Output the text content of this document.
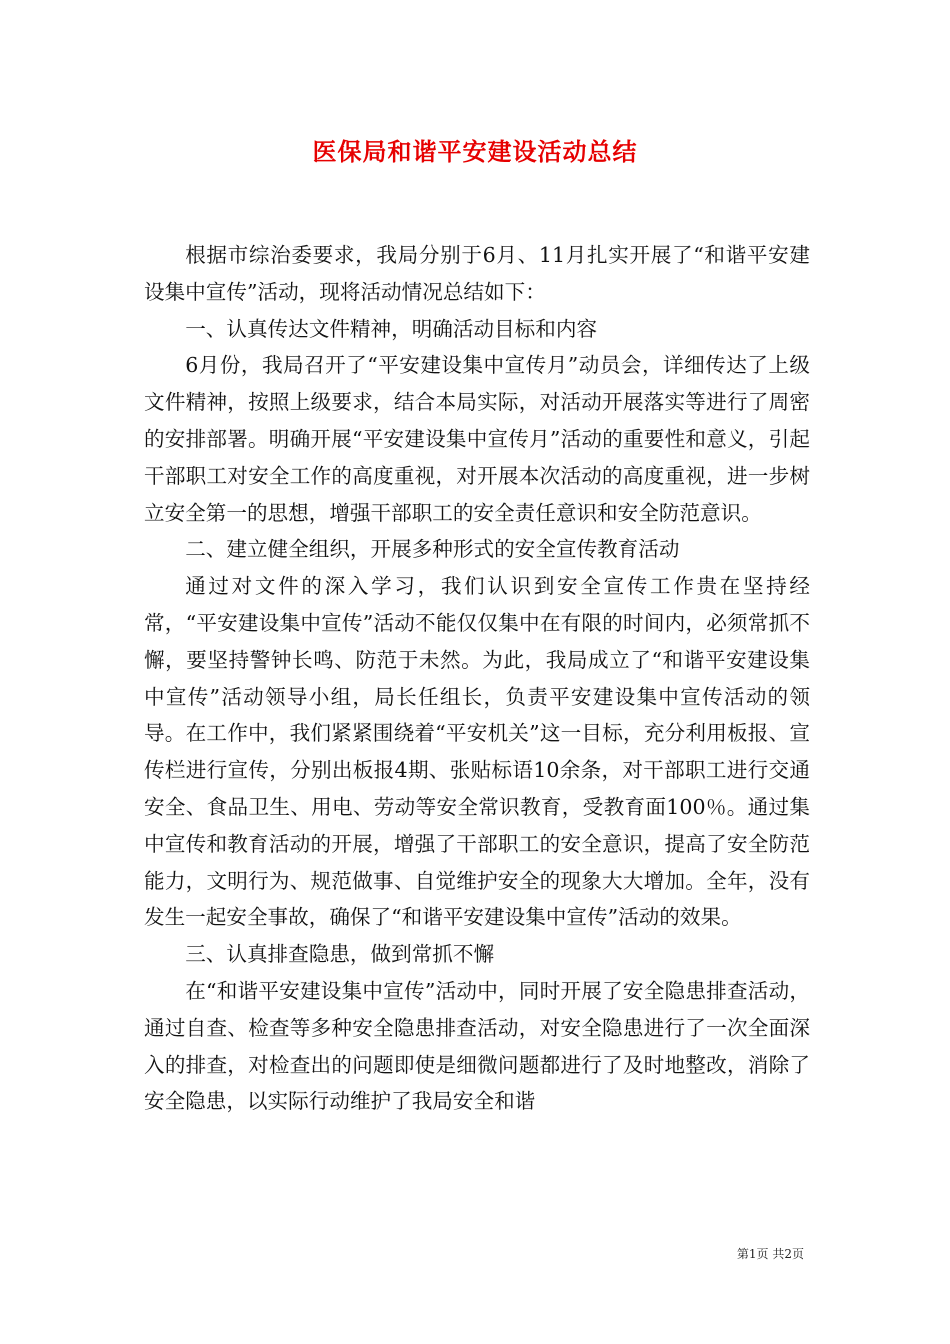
医保局和谐平安建设活动总结

根据市综治委要求，我局分别于6月、11月扎实开展了“和谐平安建设集中宣传”活动，现将活动情况总结如下：

一、认真传达文件精神，明确活动目标和内容

6月份，我局召开了“平安建设集中宣传月”动员会，详细传达了上级文件精神，按照上级要求，结合本局实际，对活动开展落实等进行了周密的安排部署。明确开展“平安建设集中宣传月”活动的重要性和意义，引起干部职工对安全工作的高度重视，对开展本次活动的高度重视，进一步树立安全第一的思想，增强干部职工的安全责任意识和安全防范意识。

二、建立健全组织，开展多种形式的安全宣传教育活动

通过对文件的深入学习，我们认识到安全宣传工作贵在坚持经常，“平安建设集中宣传”活动不能仅仅集中在有限的时间内，必须常抓不懈，要坚持警钟长鸣、防范于未然。为此，我局成立了“和谐平安建设集中宣传”活动领导小组，局长任组长，负责平安建设集中宣传活动的领导。在工作中，我们紧紧围绕着“平安机关”这一目标，充分利用板报、宣传栏进行宣传，分别出板报4期、张贴标语10余条，对干部职工进行交通安全、食品卫生、用电、劳动等安全常识教育，受教育面100％。通过集中宣传和教育活动的开展，增强了干部职工的安全意识，提高了安全防范能力，文明行为、规范做事、自觉维护安全的现象大大增加。全年，没有发生一起安全事故，确保了“和谐平安建设集中宣传”活动的效果。

三、认真排查隐患，做到常抓不懈

在“和谐平安建设集中宣传”活动中，同时开展了安全隐患排查活动，通过自查、检查等多种安全隐患排查活动，对安全隐患进行了一次全面深入的排查，对检查出的问题即使是细微问题都进行了及时地整改，消除了安全隐患，以实际行动维护了我局安全和谐

第1页 共2页
